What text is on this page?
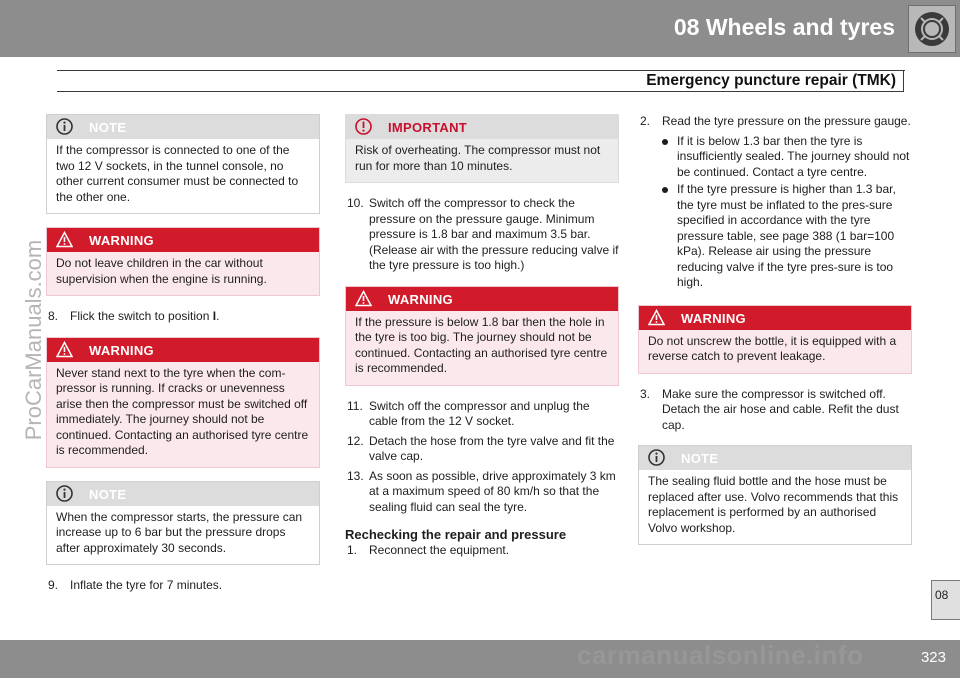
08 Wheels and tyres
Emergency puncture repair (TMK)
ProCarManuals.com
NOTE
If the compressor is connected to one of the two 12 V sockets, in the tunnel console, no other current consumer must be connected to the other one.
WARNING
Do not leave children in the car without supervision when the engine is running.
8. Flick the switch to position I.
WARNING
Never stand next to the tyre when the com-pressor is running. If cracks or unevenness arise then the compressor must be switched off immediately. The journey should not be continued. Contacting an authorised tyre centre is recommended.
NOTE
When the compressor starts, the pressure can increase up to 6 bar but the pressure drops after approximately 30 seconds.
9. Inflate the tyre for 7 minutes.
IMPORTANT
Risk of overheating. The compressor must not run for more than 10 minutes.
10. Switch off the compressor to check the pressure on the pressure gauge. Minimum pressure is 1.8 bar and maximum 3.5 bar. (Release air with the pressure reducing valve if the tyre pressure is too high.)
WARNING
If the pressure is below 1.8 bar then the hole in the tyre is too big. The journey should not be continued. Contacting an authorised tyre centre is recommended.
11. Switch off the compressor and unplug the cable from the 12 V socket.
12. Detach the hose from the tyre valve and fit the valve cap.
13. As soon as possible, drive approximately 3 km at a maximum speed of 80 km/h so that the sealing fluid can seal the tyre.
Rechecking the repair and pressure
1. Reconnect the equipment.
2. Read the tyre pressure on the pressure gauge.
If it is below 1.3 bar then the tyre is insufficiently sealed. The journey should not be continued. Contact a tyre centre.
If the tyre pressure is higher than 1.3 bar, the tyre must be inflated to the pres-sure specified in accordance with the tyre pressure table, see page 388 (1 bar=100 kPa). Release air using the pressure reducing valve if the tyre pres-sure is too high.
WARNING
Do not unscrew the bottle, it is equipped with a reverse catch to prevent leakage.
3. Make sure the compressor is switched off. Detach the air hose and cable. Refit the dust cap.
NOTE
The sealing fluid bottle and the hose must be replaced after use. Volvo recommends that this replacement is performed by an authorised Volvo workshop.
08
carmanualsonline.info	323
